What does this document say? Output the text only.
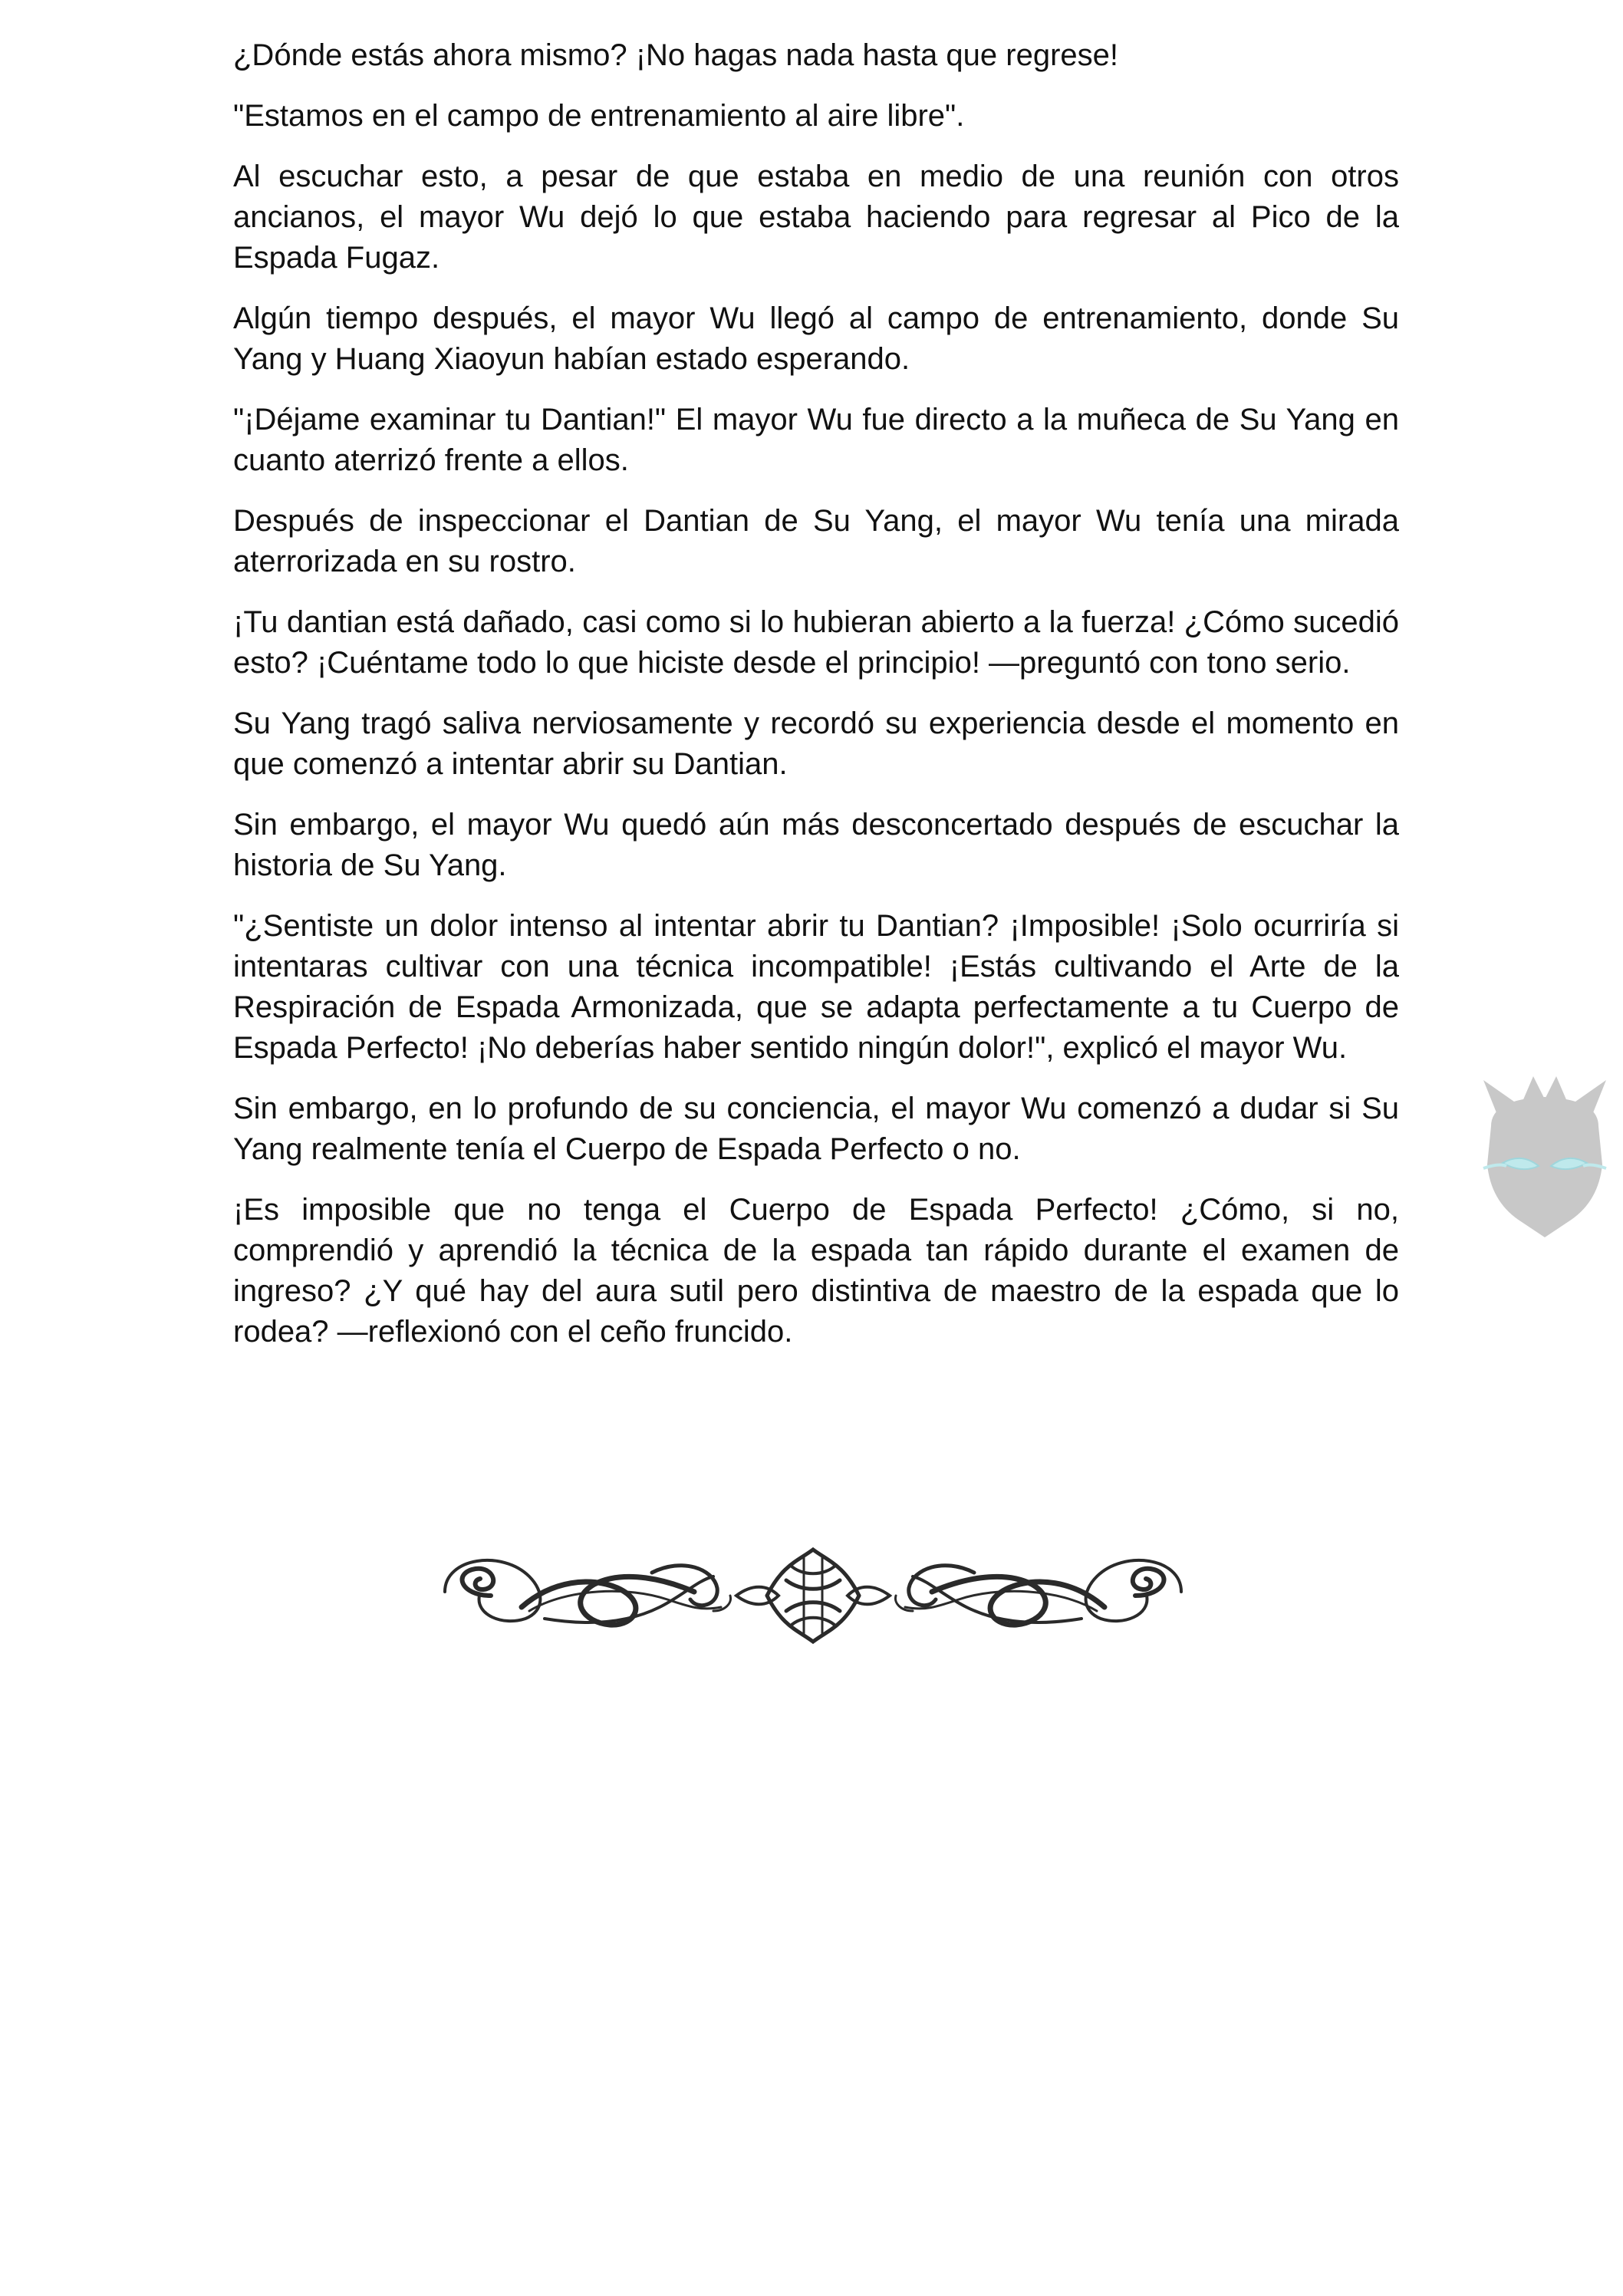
¿Dónde estás ahora mismo? ¡No hagas nada hasta que regrese!

"Estamos en el campo de entrenamiento al aire libre".

Al escuchar esto, a pesar de que estaba en medio de una reunión con otros ancianos, el mayor Wu dejó lo que estaba haciendo para regresar al Pico de la Espada Fugaz.

Algún tiempo después, el mayor Wu llegó al campo de entrenamiento, donde Su Yang y Huang Xiaoyun habían estado esperando.

"¡Déjame examinar tu Dantian!" El mayor Wu fue directo a la muñeca de Su Yang en cuanto aterrizó frente a ellos.

Después de inspeccionar el Dantian de Su Yang, el mayor Wu tenía una mirada aterrorizada en su rostro.

¡Tu dantian está dañado, casi como si lo hubieran abierto a la fuerza! ¿Cómo sucedió esto? ¡Cuéntame todo lo que hiciste desde el principio! —preguntó con tono serio.

Su Yang tragó saliva nerviosamente y recordó su experiencia desde el momento en que comenzó a intentar abrir su Dantian.

Sin embargo, el mayor Wu quedó aún más desconcertado después de escuchar la historia de Su Yang.

"¿Sentiste un dolor intenso al intentar abrir tu Dantian? ¡Imposible! ¡Solo ocurriría si intentaras cultivar con una técnica incompatible! ¡Estás cultivando el Arte de la Respiración de Espada Armonizada, que se adapta perfectamente a tu Cuerpo de Espada Perfecto! ¡No deberías haber sentido ningún dolor!", explicó el mayor Wu.

Sin embargo, en lo profundo de su conciencia, el mayor Wu comenzó a dudar si Su Yang realmente tenía el Cuerpo de Espada Perfecto o no.

¡Es imposible que no tenga el Cuerpo de Espada Perfecto! ¿Cómo, si no, comprendió y aprendió la técnica de la espada tan rápido durante el examen de ingreso? ¿Y qué hay del aura sutil pero distintiva de maestro de la espada que lo rodea? —reflexionó con el ceño fruncido.
